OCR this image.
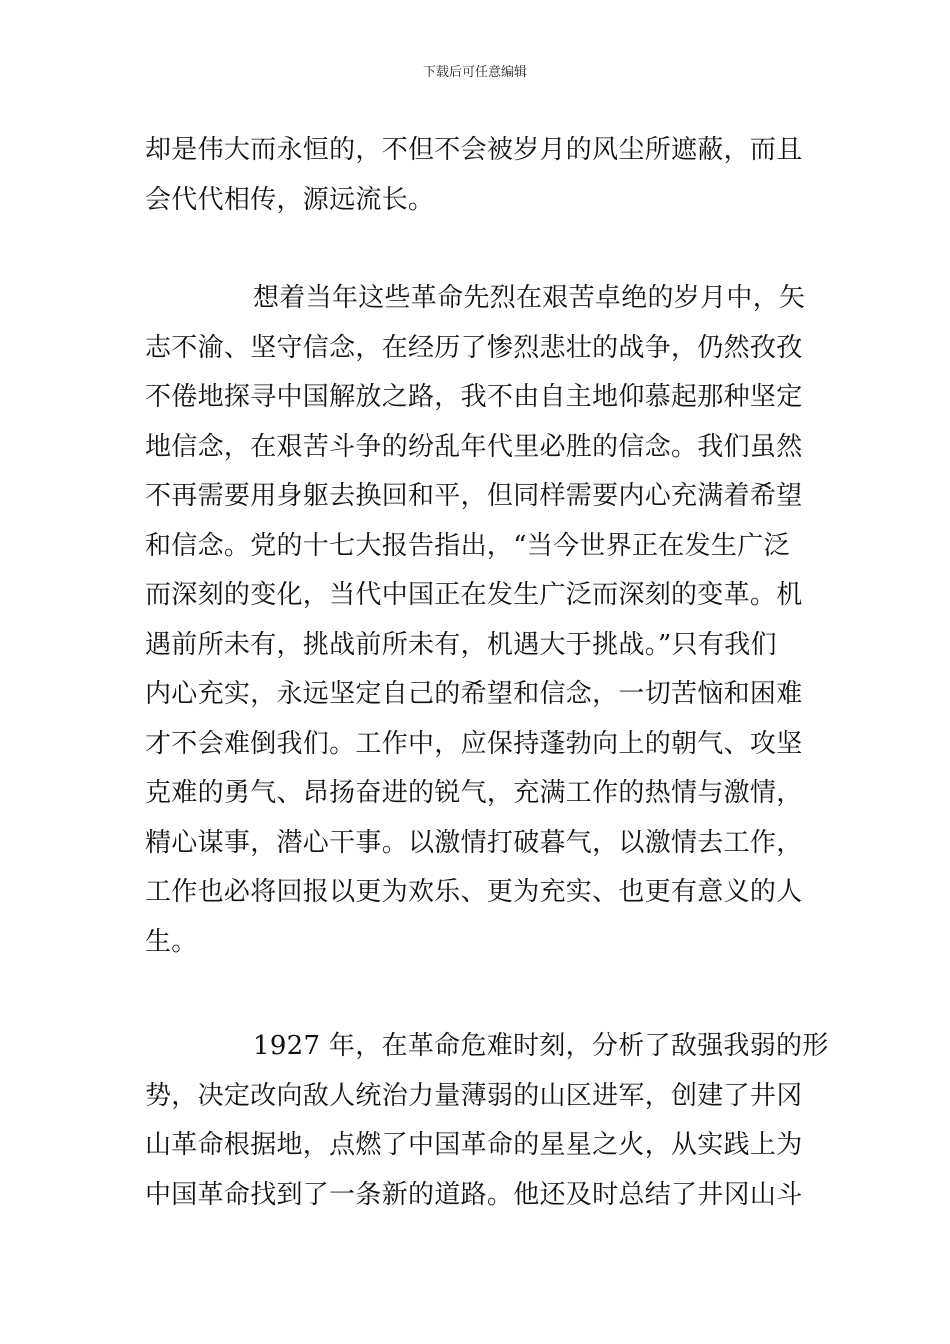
下载后可任意编辑
却是伟大而永恒的，不但不会被岁月的风尘所遮蔽，而且
会代代相传，源远流长。
想着当年这些革命先烈在艰苦卓绝的岁月中，矢
志不渝、坚守信念，在经历了惨烈悲壮的战争，仍然孜孜
不倦地探寻中国解放之路，我不由自主地仰慕起那种坚定
地信念，在艰苦斗争的纷乱年代里必胜的信念。我们虽然
不再需要用身躯去换回和平，但同样需要内心充满着希望
和信念。党的十七大报告指出，“当今世界正在发生广泛
而深刻的变化，当代中国正在发生广泛而深刻的变革。机
遇前所未有，挑战前所未有，机遇大于挑战。”只有我们
内心充实，永远坚定自己的希望和信念，一切苦恼和困难
才不会难倒我们。工作中，应保持蓬勃向上的朝气、攻坚
克难的勇气、昂扬奋进的锐气，充满工作的热情与激情，
精心谋事，潜心干事。以激情打破暮气，以激情去工作，
工作也必将回报以更为欢乐、更为充实、也更有意义的人
生。
1927 年，在革命危难时刻，分析了敌强我弱的形
势，决定改向敌人统治力量薄弱的山区进军，创建了井冈
山革命根据地，点燃了中国革命的星星之火，从实践上为
中国革命找到了一条新的道路。他还及时总结了井冈山斗
